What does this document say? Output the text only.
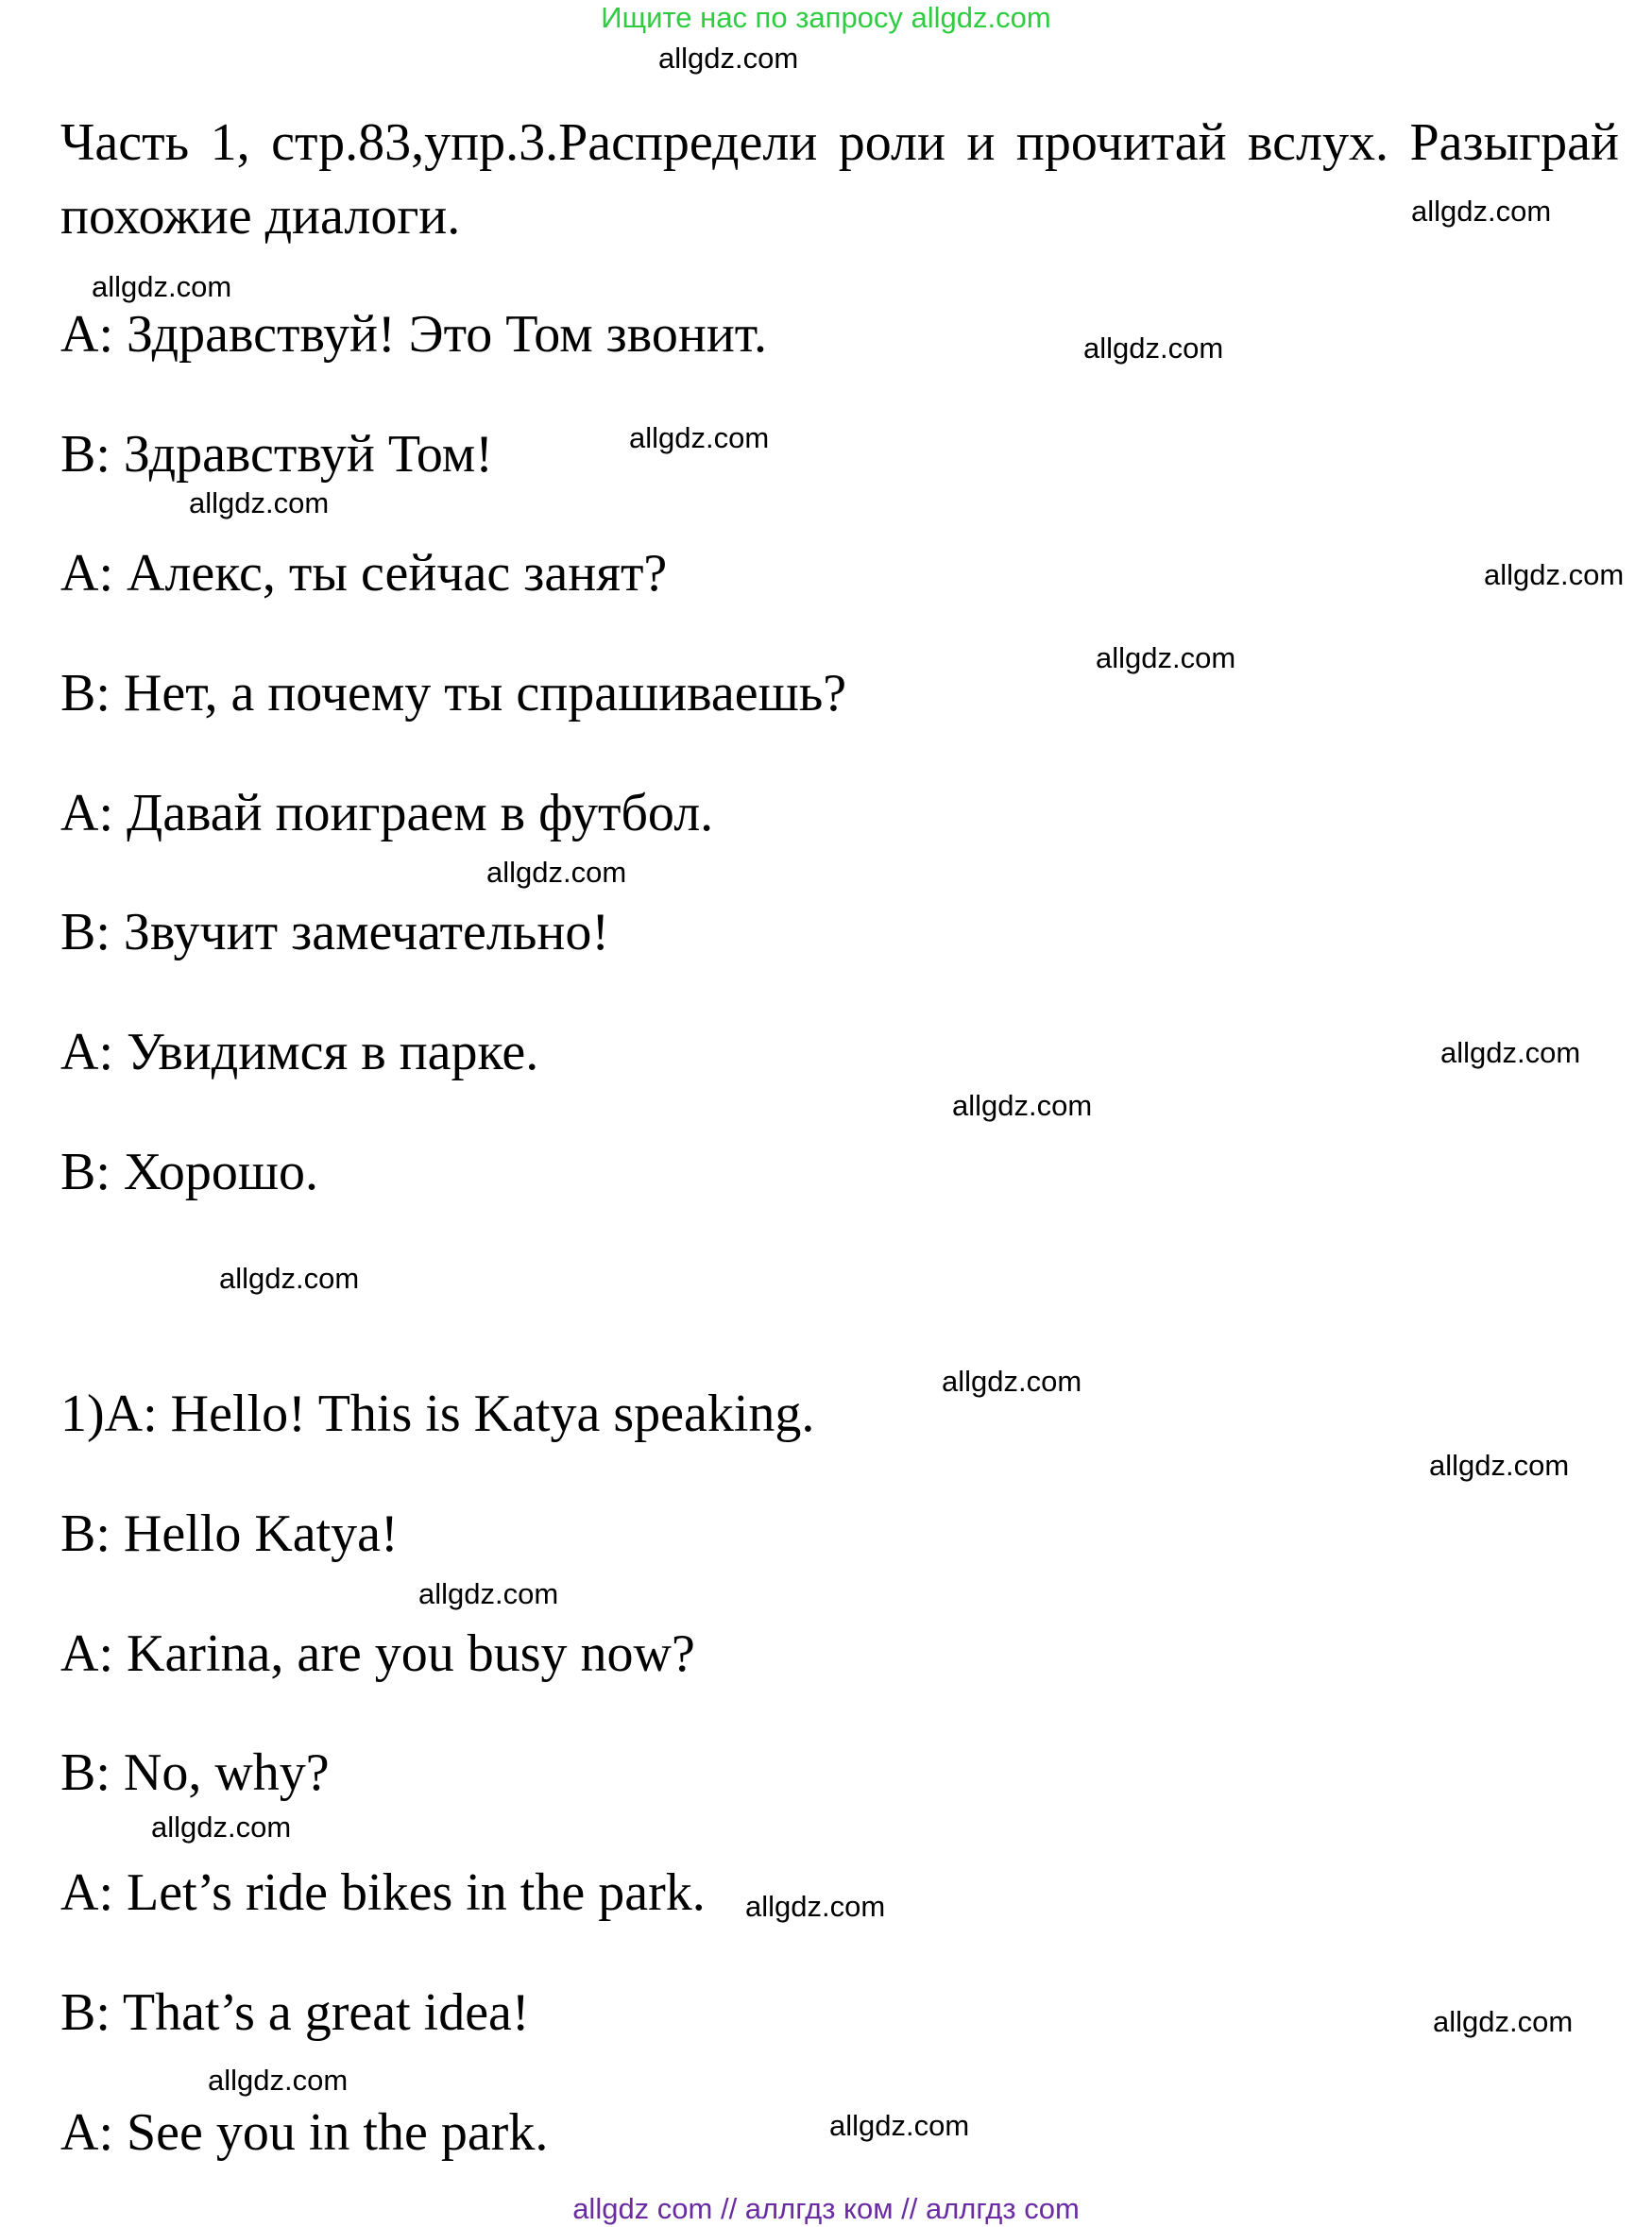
Ищите нас по запросу allgdz.com
allgdz.com
allgdz.com
allgdz.com
allgdz.com
allgdz.com
allgdz.com
allgdz.com
allgdz.com
allgdz.com
allgdz.com
allgdz.com
allgdz.com
allgdz.com
allgdz.com
allgdz.com
allgdz.com
allgdz.com
allgdz.com
allgdz.com
allgdz.com
Часть 1, стр.83,упр.3.Распредели роли и прочитай вслух. Разыграй похожие диалоги.
А: Здравствуй! Это Том звонит.
В: Здравствуй Том!
А: Алекс, ты сейчас занят?
В: Нет, а почему ты спрашиваешь?
А: Давай поиграем в футбол.
В: Звучит замечательно!
А: Увидимся в парке.
В: Хорошо.
1)A: Hello! This is Katya speaking.
B: Hello Katya!
A: Karina, are you busy now?
B: No, why?
A: Let’s ride bikes in the park.
B: That’s a great idea!
A: See you in the park.
allgdz com // аллгдз ком // аллгдз com
